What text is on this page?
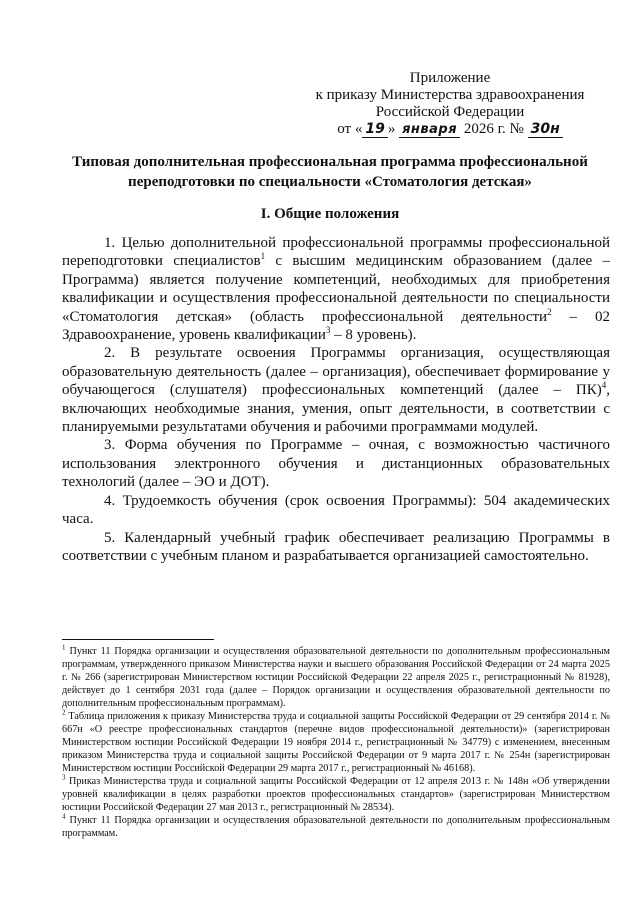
Приложение
к приказу Министерства здравоохранения
Российской Федерации
от « 19 » января 2026 г. № 30н
Типовая дополнительная профессиональная программа профессиональной переподготовки по специальности «Стоматология детская»
I. Общие положения

1. Целью дополнительной профессиональной программы профессиональной переподготовки специалистов$^1$ с высшим медицинским образованием (далее – Программа) является получение компетенций, необходимых для приобретения квалификации и осуществления профессиональной деятельности по специальности «Стоматология детская» (область профессиональной деятельности$^2$ – 02 Здравоохранение, уровень квалификации$^3$ – 8 уровень).

2. В результате освоения Программы организация, осуществляющая образовательную деятельность (далее – организация), обеспечивает формирование у обучающегося (слушателя) профессиональных компетенций (далее – ПК)$^4$, включающих необходимые знания, умения, опыт деятельности, в соответствии с планируемыми результатами обучения и рабочими программами модулей.

3. Форма обучения по Программе – очная, с возможностью частичного использования электронного обучения и дистанционных образовательных технологий (далее – ЭО и ДОТ).

4. Трудоемкость обучения (срок освоения Программы): 504 академических часа.

5. Календарный учебный график обеспечивает реализацию Программы в соответствии с учебным планом и разрабатывается организацией самостоятельно.

$^1$ Пункт 11 Порядка организации и осуществления образовательной деятельности по дополнительным профессиональным программам, утвержденного приказом Министерства науки и высшего образования Российской Федерации от 24 марта 2025 г. № 266 (зарегистрирован Министерством юстиции Российской Федерации 22 апреля 2025 г., регистрационный № 81928), действует до 1 сентября 2031 года (далее – Порядок организации и осуществления образовательной деятельности по дополнительным профессиональным программам).

$^2$ Таблица приложения к приказу Министерства труда и социальной защиты Российской Федерации от 29 сентября 2014 г. № 667н «О реестре профессиональных стандартов (перечне видов профессиональной деятельности)» (зарегистрирован Министерством юстиции Российской Федерации 19 ноября 2014 г., регистрационный № 34779) с изменением, внесенным приказом Министерства труда и социальной защиты Российской Федерации от 9 марта 2017 г. № 254н (зарегистрирован Министерством юстиции Российской Федерации 29 марта 2017 г., регистрационный № 46168).

$^3$ Приказ Министерства труда и социальной защиты Российской Федерации от 12 апреля 2013 г. № 148н «Об утверждении уровней квалификации в целях разработки проектов профессиональных стандартов» (зарегистрирован Министерством юстиции Российской Федерации 27 мая 2013 г., регистрационный № 28534).

$^4$ Пункт 11 Порядка организации и осуществления образовательной деятельности по дополнительным профессиональным программам.
